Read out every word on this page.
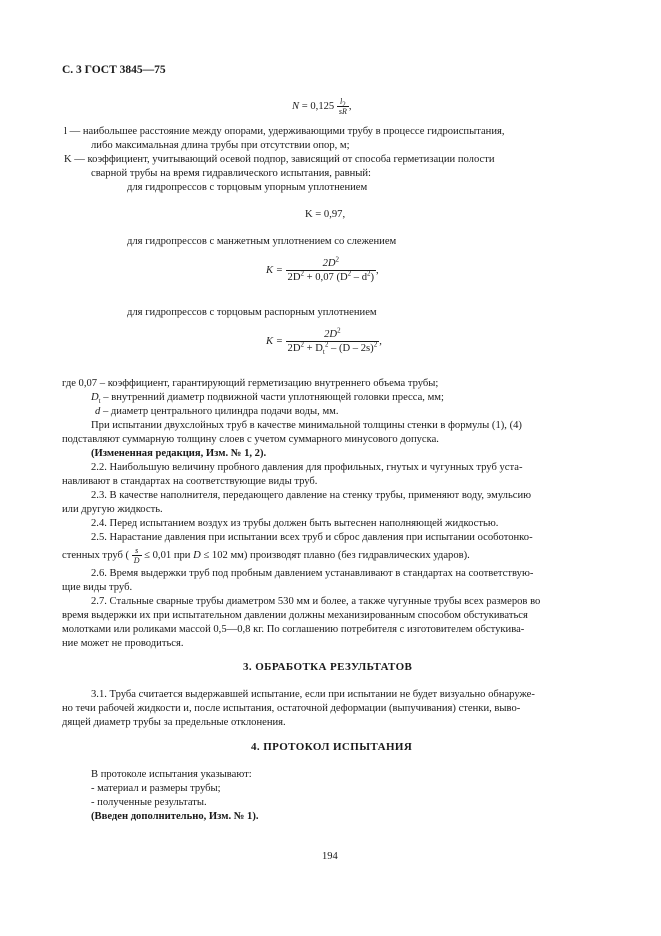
С. 3 ГОСТ 3845—75
$N = 0,125 \frac{l_2}{sR}$ ,
l — наибольшее расстояние между опорами, удерживающими трубу в процессе гидроиспытания,
либо максимальная длина трубы при отсутствии опор, м;
K — коэффициент, учитывающий осевой подпор, зависящий от способа герметизации полости
сварной трубы на время гидравлического испытания, равный:
для гидропрессов с торцовым упорным уплотнением
K = 0,97,
для гидропрессов с манжетным уплотнением со слежением
$K = \frac{2D^2}{2D^2 + 0,07 (D^2 - d^2)}$ ,
для гидропрессов с торцовым распорным уплотнением
$K = \frac{2D^2}{2D^2 + D_t^2 - (D - 2s)^2}$ ,
где 0,07 – коэффициент, гарантирующий герметизацию внутреннего объема трубы;
$D_t$ – внутренний диаметр подвижной части уплотняющей головки пресса, мм;
d – диаметр центрального цилиндра подачи воды, мм.
При испытании двухслойных труб в качестве минимальной толщины стенки в формулы (1), (4)
подставляют суммарную толщину слоев с учетом суммарного минусового допуска.
(Измененная редакция, Изм. № 1, 2).
2.2. Наибольшую величину пробного давления для профильных, гнутых и чугунных труб уста-
навливают в стандартах на соответствующие виды труб.
2.3. В качестве наполнителя, передающего давление на стенку трубы, применяют воду, эмульсию
или другую жидкость.
2.4. Перед испытанием воздух из трубы должен быть вытеснен наполняющей жидкостью.
2.5. Нарастание давления при испытании всех труб и сброс давления при испытании особотонко-
стенных труб ( $\frac{s}{D} \le 0,01$ при D ≤ 102 мм) производят плавно (без гидравлических ударов).
2.6. Время выдержки труб под пробным давлением устанавливают в стандартах на соответствую-
щие виды труб.
2.7. Стальные сварные трубы диаметром 530 мм и более, а также чугунные трубы всех размеров во
время выдержки их при испытательном давлении должны механизированным способом обстукиваться
молотками или роликами массой 0,5—0,8 кг. По соглашению потребителя с изготовителем обстукива-
ние может не проводиться.
3. ОБРАБОТКА РЕЗУЛЬТАТОВ
3.1. Труба считается выдержавшей испытание, если при испытании не будет визуально обнаруже-
но течи рабочей жидкости и, после испытания, остаточной деформации (выпучивания) стенки, выво-
дящей диаметр трубы за предельные отклонения.
4. ПРОТОКОЛ ИСПЫТАНИЯ
В протоколе испытания указывают:
- материал и размеры трубы;
- полученные результаты.
(Введен дополнительно, Изм. № 1).
194
